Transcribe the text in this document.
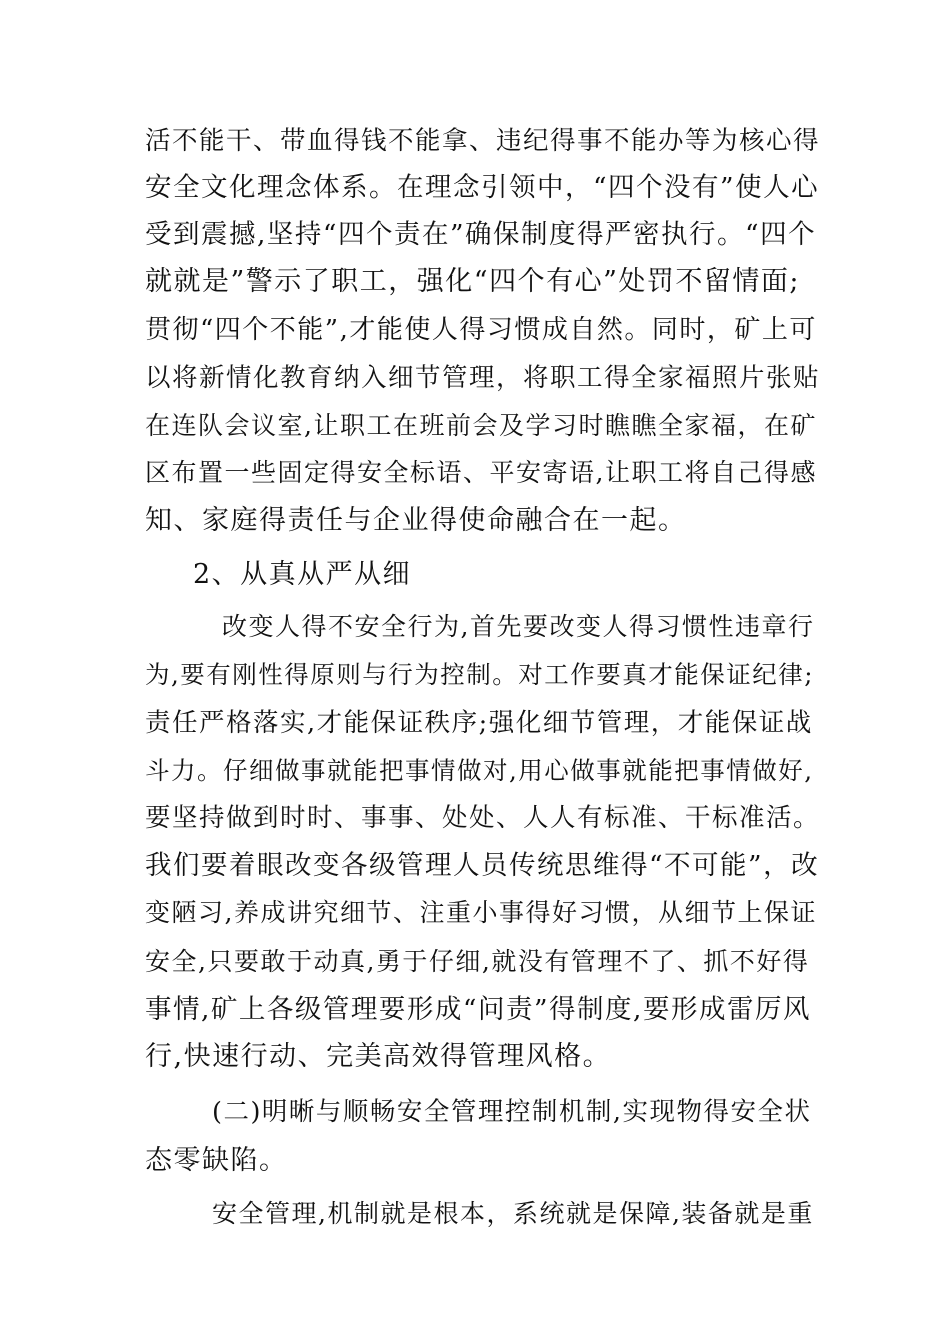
活不能干、带血得钱不能拿、违纪得事不能办等为核心得
安全文化理念体系。在理念引领中，“四个没有”使人心
受到震撼,坚持“四个责在”确保制度得严密执行。“四个
就就是”警示了职工，强化“四个有心”处罚不留情面;
贯彻“四个不能”,才能使人得习惯成自然。同时，矿上可
以将新情化教育纳入细节管理，将职工得全家福照片张贴
在连队会议室,让职工在班前会及学习时瞧瞧全家福，在矿
区布置一些固定得安全标语、平安寄语,让职工将自己得感
知、家庭得责任与企业得使命融合在一起。
2、从真从严从细
改变人得不安全行为,首先要改变人得习惯性违章行
为,要有刚性得原则与行为控制。对工作要真才能保证纪律;
责任严格落实,才能保证秩序;强化细节管理，才能保证战
斗力。仔细做事就能把事情做对,用心做事就能把事情做好,
要坚持做到时时、事事、处处、人人有标准、干标准活。
我们要着眼改变各级管理人员传统思维得“不可能”，改
变陋习,养成讲究细节、注重小事得好习惯，从细节上保证
安全,只要敢于动真,勇于仔细,就没有管理不了、抓不好得
事情,矿上各级管理要形成“问责”得制度,要形成雷厉风
行,快速行动、完美高效得管理风格。
(二)明晰与顺畅安全管理控制机制,实现物得安全状
态零缺陷。
安全管理,机制就是根本，系统就是保障,装备就是重
